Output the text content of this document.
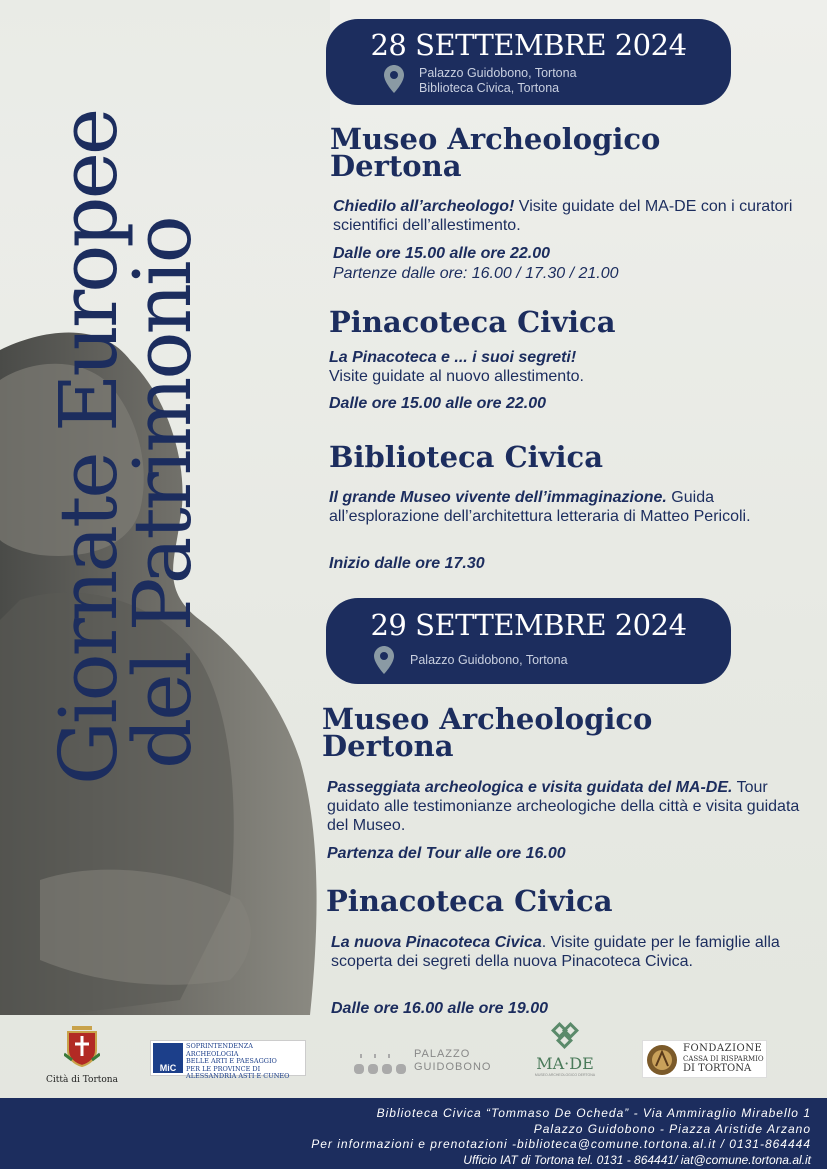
Giornate Europee
del Patrimonio
28 SETTEMBRE 2024
Palazzo Guidobono, Tortona
Biblioteca Civica, Tortona
Museo Archeologico
Dertona
Chiedilo all’archeologo! Visite guidate del MA-DE con i curatori scientifici dell’allestimento.
Dalle ore 15.00 alle ore 22.00
Partenze dalle ore: 16.00 / 17.30 / 21.00
Pinacoteca Civica
La Pinacoteca e ... i suoi segreti!
Visite guidate al nuovo allestimento.
Dalle ore 15.00 alle ore 22.00
Biblioteca Civica
Il grande Museo vivente dell’immaginazione. Guida all’esplorazione dell’architettura letteraria di Matteo Pericoli.
Inizio dalle ore 17.30
29 SETTEMBRE 2024
Palazzo Guidobono, Tortona
Museo Archeologico
Dertona
Passeggiata archeologica e visita guidata del MA-DE. Tour guidato alle testimonianze archeologiche della città e visita guidata del Museo.
Partenza del Tour alle ore 16.00
Pinacoteca Civica
La nuova Pinacoteca Civica. Visite guidate per le famiglie alla scoperta dei segreti della nuova Pinacoteca Civica.
Dalle ore 16.00 alle ore 19.00
Città di Tortona
MiC
SOPRINTENDENZA ARCHEOLOGIA
BELLE ARTI E PAESAGGIO
PER LE PROVINCE DI
ALESSANDRIA ASTI E CUNEO
PALAZZO
GUIDOBONO	MA·DE
MUSEO ARCHEOLOGICO DERTONA
FONDAZIONE
CASSA DI RISPARMIO
DI TORTONA
Biblioteca Civica “Tommaso De Ocheda” - Via Ammiraglio Mirabello 1
Palazzo Guidobono - Piazza Aristide Arzano
Per informazioni e prenotazioni -biblioteca@comune.tortona.al.it / 0131-864444
Ufficio IAT di Tortona tel. 0131 - 864441/ iat@comune.tortona.al.it
